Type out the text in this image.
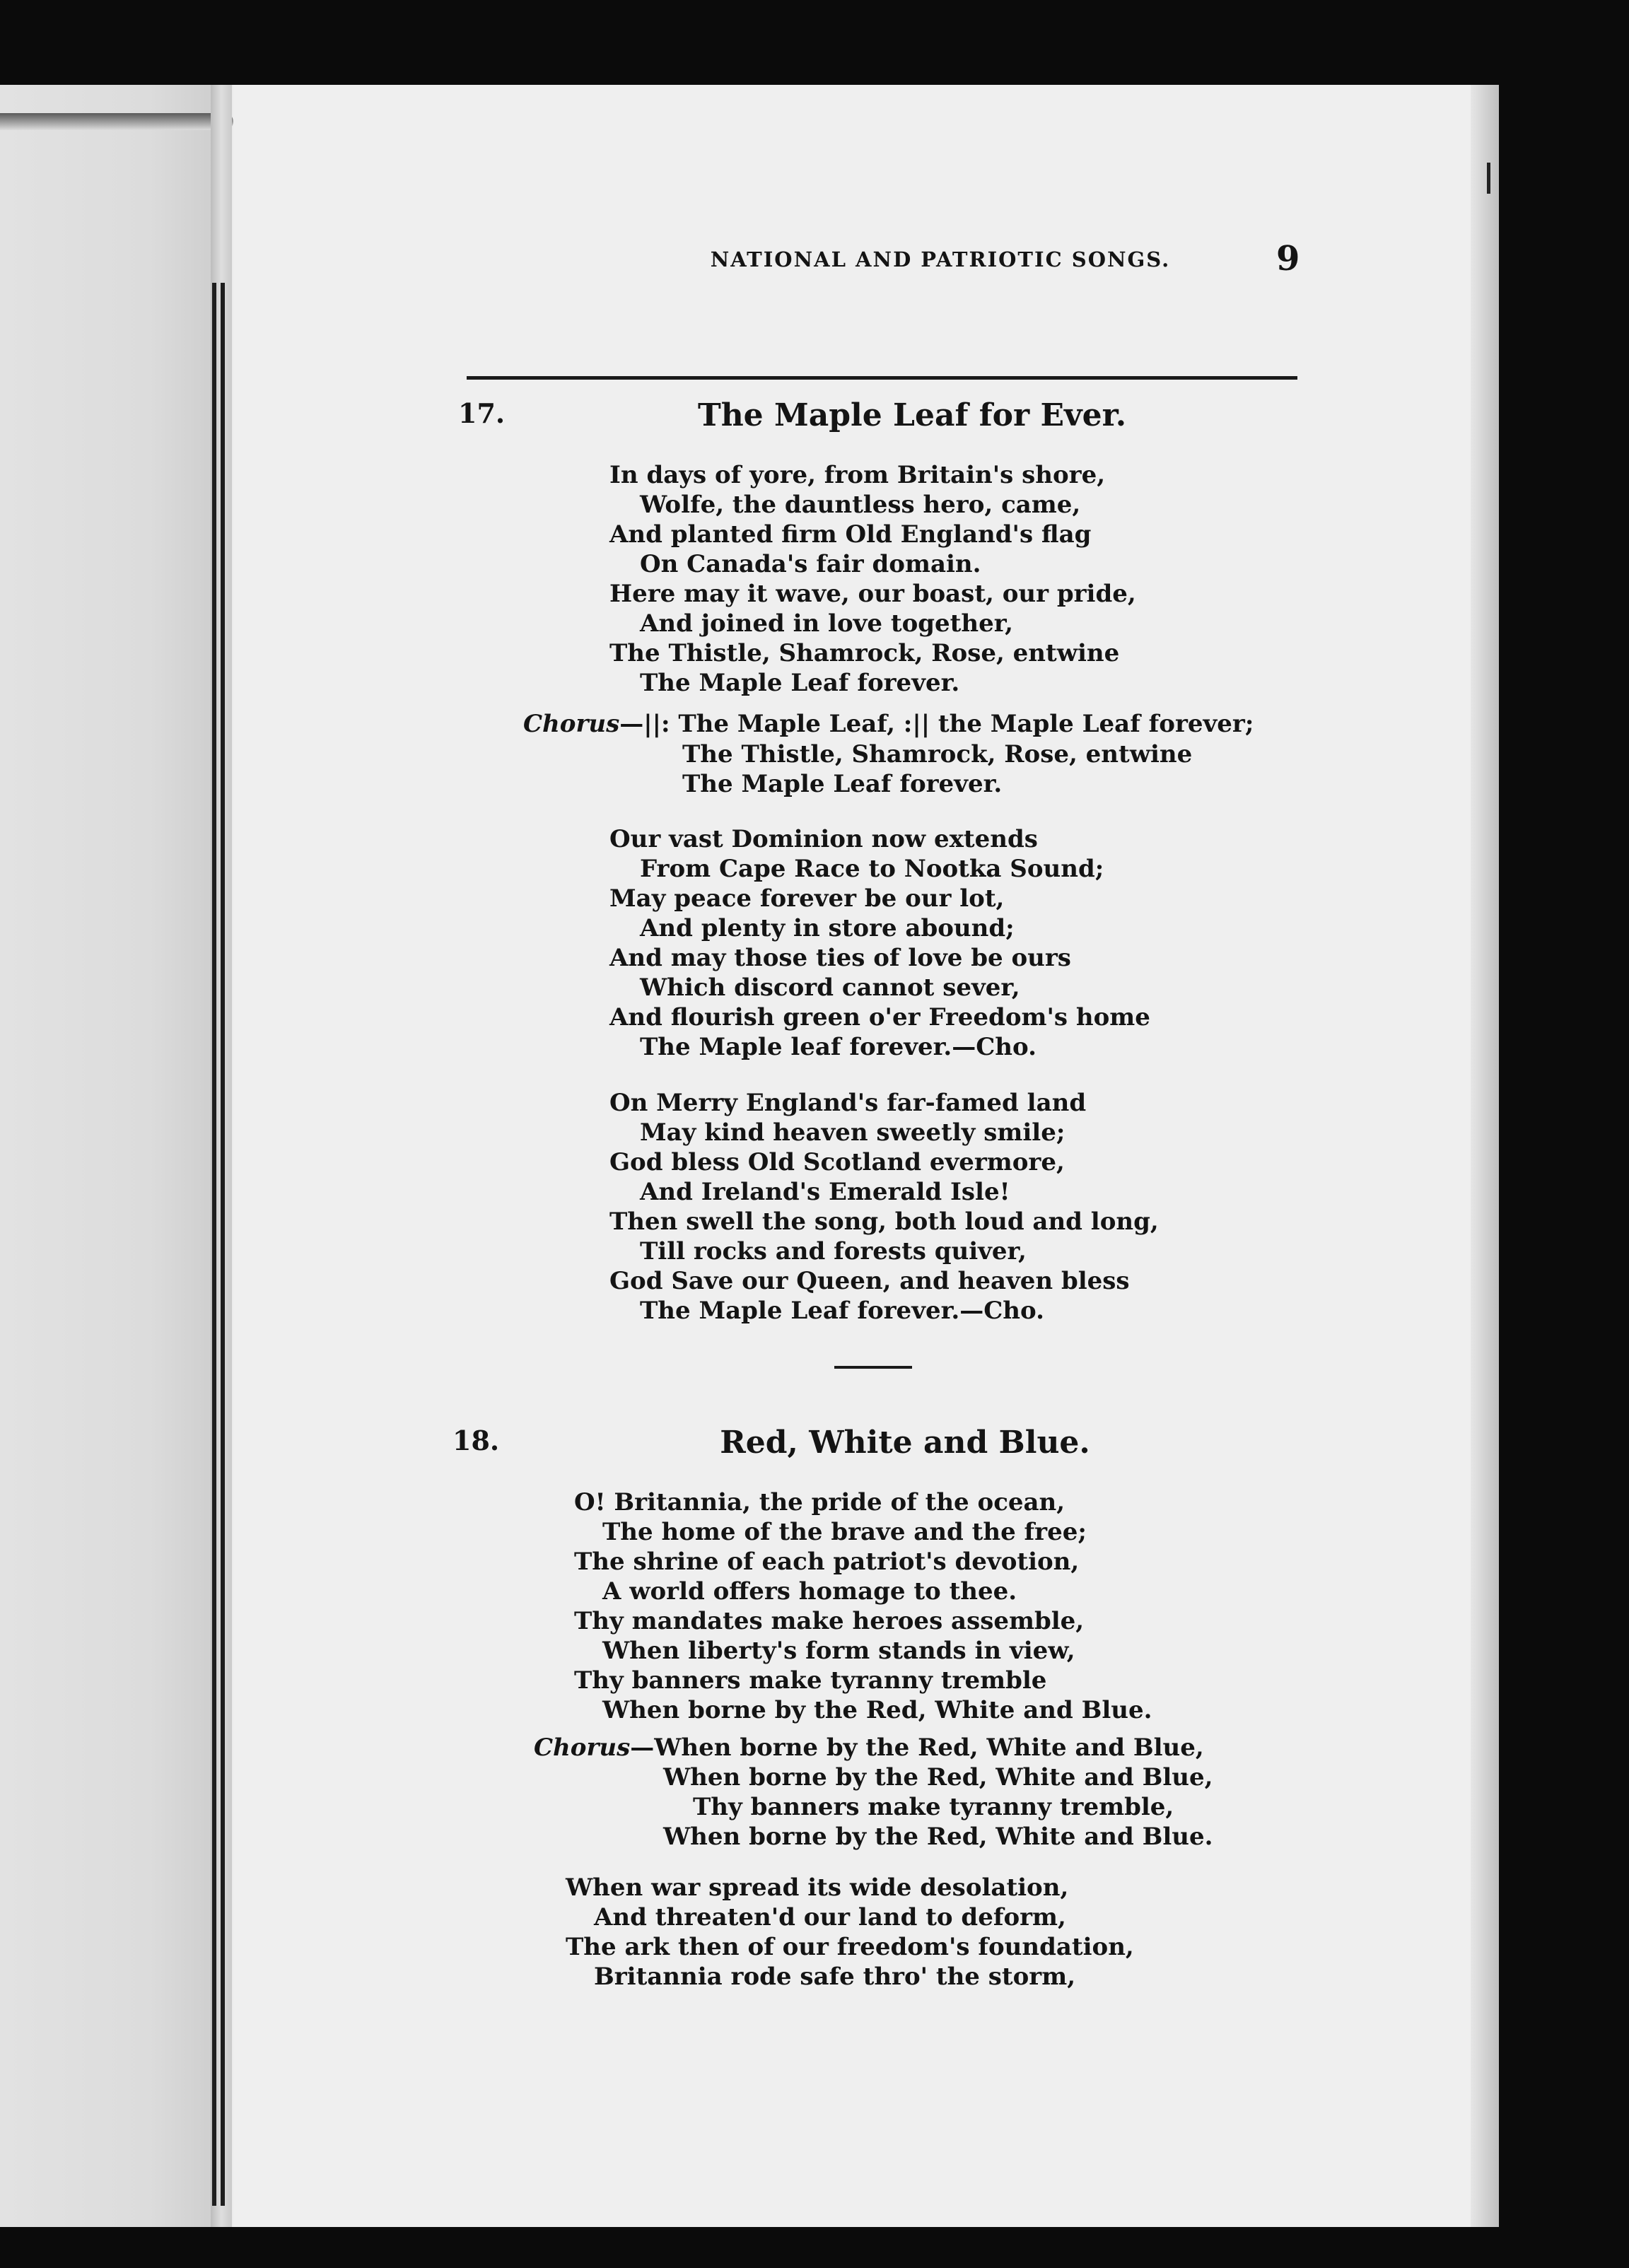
NATIONAL AND PATRIOTIC SONGS.	9
17.	The Maple Leaf for Ever.
In days of yore, from Britain's shore,
Wolfe, the dauntless hero, came,
And planted firm Old England's flag
On Canada's fair domain.
Here may it wave, our boast, our pride,
And joined in love together,
The Thistle, Shamrock, Rose, entwine
The Maple Leaf forever.
Chorus—||: The Maple Leaf, :|| the Maple Leaf forever;
The Thistle, Shamrock, Rose, entwine
The Maple Leaf forever.
Our vast Dominion now extends
From Cape Race to Nootka Sound;
May peace forever be our lot,
And plenty in store abound;
And may those ties of love be ours
Which discord cannot sever,
And flourish green o'er Freedom's home
The Maple leaf forever.—Cho.
On Merry England's far-famed land
May kind heaven sweetly smile;
God bless Old Scotland evermore,
And Ireland's Emerald Isle!
Then swell the song, both loud and long,
Till rocks and forests quiver,
God Save our Queen, and heaven bless
The Maple Leaf forever.—Cho.
18.	Red, White and Blue.
O! Britannia, the pride of the ocean,
The home of the brave and the free;
The shrine of each patriot's devotion,
A world offers homage to thee.
Thy mandates make heroes assemble,
When liberty's form stands in view,
Thy banners make tyranny tremble
When borne by the Red, White and Blue.
Chorus—When borne by the Red, White and Blue,
When borne by the Red, White and Blue,
Thy banners make tyranny tremble,
When borne by the Red, White and Blue.
When war spread its wide desolation,
And threaten'd our land to deform,
The ark then of our freedom's foundation,
Britannia rode safe thro' the storm,
